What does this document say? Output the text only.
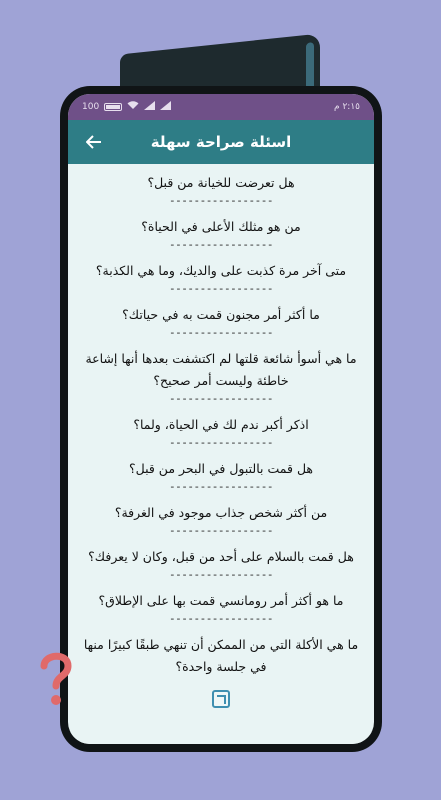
100	٢:١٥ م
اسئلة صراحة سهلة
هل تعرضت للخيانة من قبل؟
-----------------
من هو مثلك الأعلى في الحياة؟
-----------------
متى آخر مرة كذبت على والديك، وما هي الكذبة؟
-----------------
ما أكثر أمر مجنون قمت به في حياتك؟
-----------------
ما هي أسوأ شائعة قلتها لم اكتشفت بعدها أنها إشاعة خاطئة وليست أمر صحيح؟
-----------------
اذكر أكبر ندم لك في الحياة، ولما؟
-----------------
هل قمت بالتبول في البحر من قبل؟
-----------------
من أكثر شخص جذاب موجود في الغرفة؟
-----------------
هل قمت بالسلام على أحد من قبل، وكان لا يعرفك؟
-----------------
ما هو أكثر أمر رومانسي قمت بها على الإطلاق؟
-----------------
ما هي الأكلة التي من الممكن أن تنهي طبقًا كبيرًا منها في جلسة واحدة؟
